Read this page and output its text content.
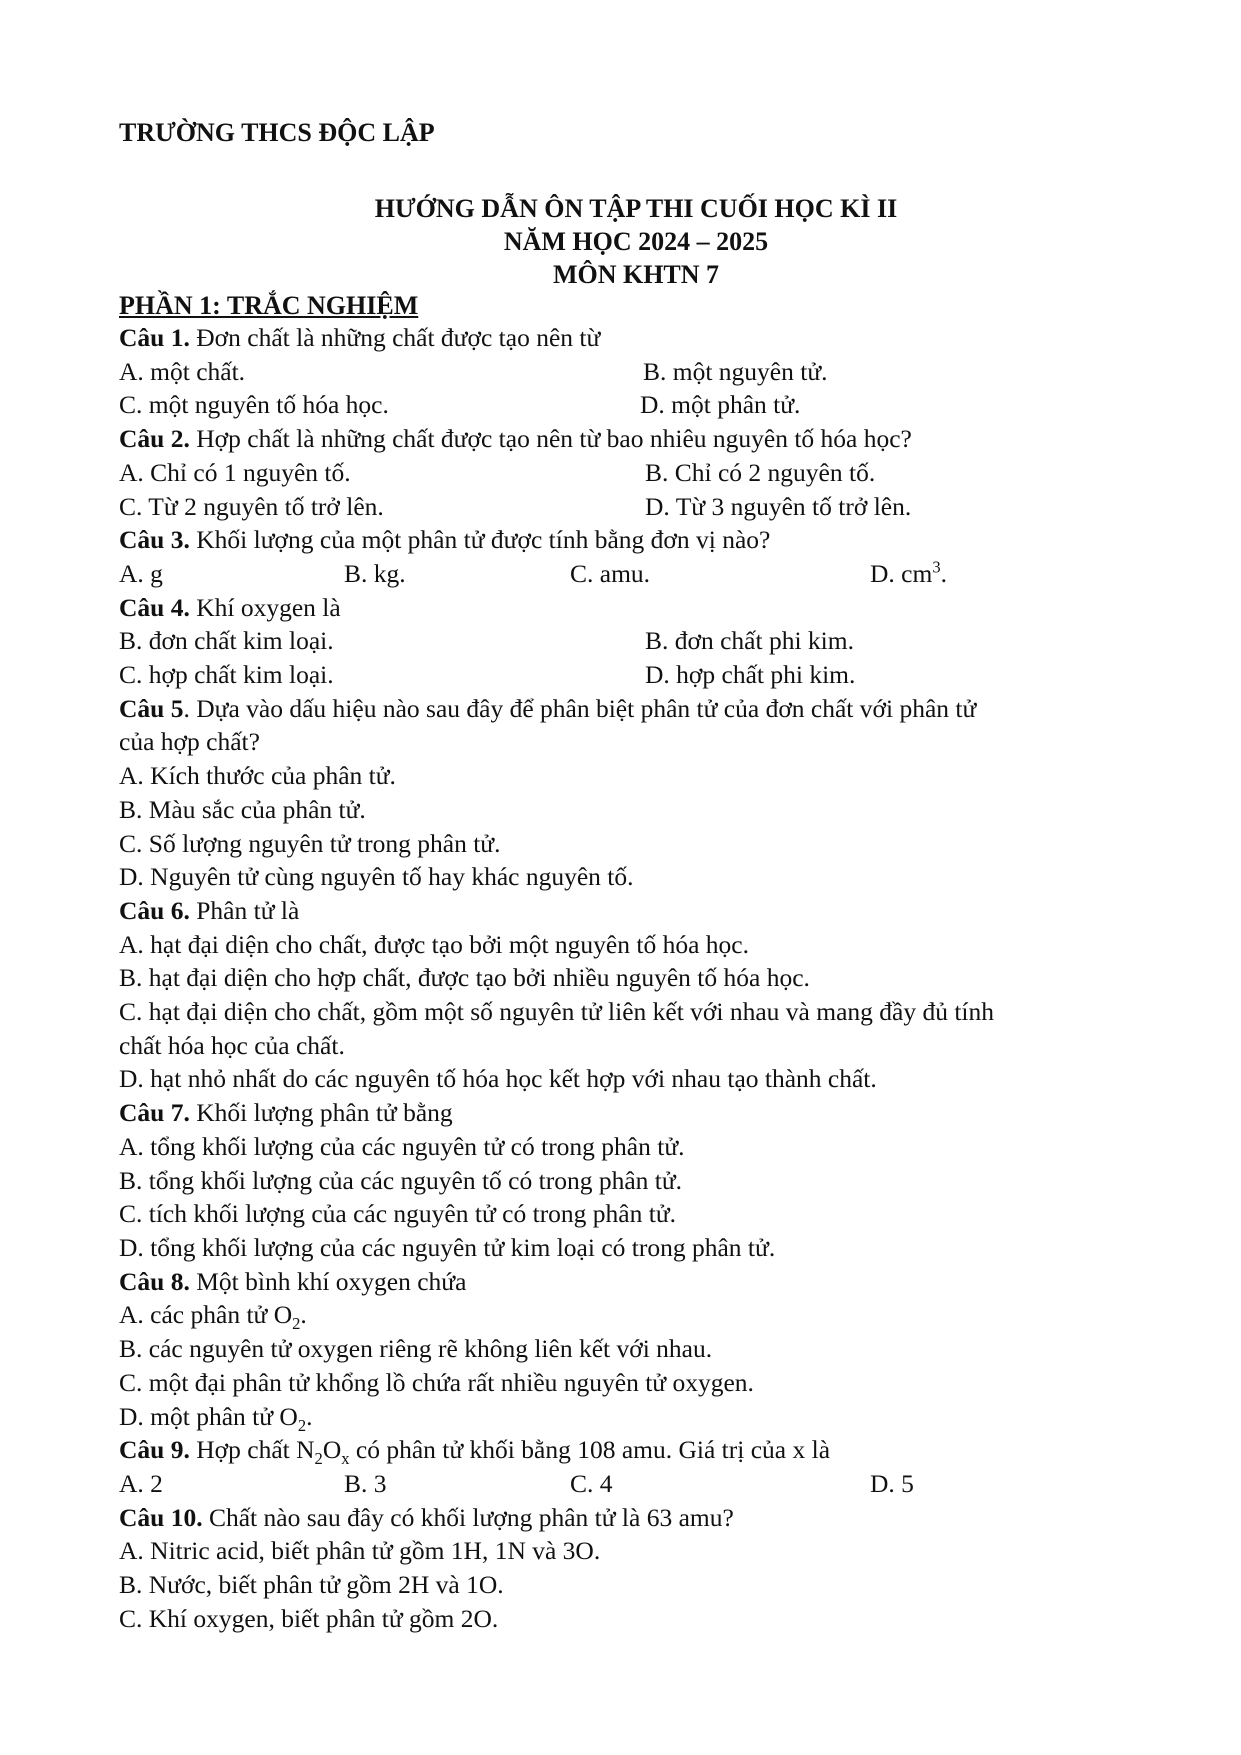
TRƯỜNG THCS ĐỘC LẬP
HƯỚNG DẪN ÔN TẬP THI CUỐI HỌC KÌ II
NĂM HỌC 2024 – 2025
MÔN KHTN 7
PHẦN 1: TRẮC NGHIỆM
Câu 1. Đơn chất là những chất được tạo nên từ
A. một chất.	B. một nguyên tử.
C. một nguyên tố hóa học.	D. một phân tử.
Câu 2. Hợp chất là những chất được tạo nên từ bao nhiêu nguyên tố hóa học?
A. Chỉ có 1 nguyên tố.	B. Chỉ có 2 nguyên tố.
C. Từ 2 nguyên tố trở lên.	D. Từ 3 nguyên tố trở lên.
Câu 3. Khối lượng của một phân tử được tính bằng đơn vị nào?
A. g	B. kg.	C. amu.	D. $cm^3$.
Câu 4. Khí oxygen là
B. đơn chất kim loại.	B. đơn chất phi kim.
C. hợp chất kim loại.	D. hợp chất phi kim.
Câu 5. Dựa vào dấu hiệu nào sau đây để phân biệt phân tử của đơn chất với phân tử
của hợp chất?
A. Kích thước của phân tử.
B. Màu sắc của phân tử.
C. Số lượng nguyên tử trong phân tử.
D. Nguyên tử cùng nguyên tố hay khác nguyên tố.
Câu 6. Phân tử là
A. hạt đại diện cho chất, được tạo bởi một nguyên tố hóa học.
B. hạt đại diện cho hợp chất, được tạo bởi nhiều nguyên tố hóa học.
C. hạt đại diện cho chất, gồm một số nguyên tử liên kết với nhau và mang đầy đủ tính
chất hóa học của chất.
D. hạt nhỏ nhất do các nguyên tố hóa học kết hợp với nhau tạo thành chất.
Câu 7. Khối lượng phân tử bằng
A. tổng khối lượng của các nguyên tử có trong phân tử.
B. tổng khối lượng của các nguyên tố có trong phân tử.
C. tích khối lượng của các nguyên tử có trong phân tử.
D. tổng khối lượng của các nguyên tử kim loại có trong phân tử.
Câu 8. Một bình khí oxygen chứa
A. các phân tử $O_2$.
B. các nguyên tử oxygen riêng rẽ không liên kết với nhau.
C. một đại phân tử khổng lồ chứa rất nhiều nguyên tử oxygen.
D. một phân tử $O_2$.
Câu 9. Hợp chất $N_2O_x$ có phân tử khối bằng 108 amu. Giá trị của x là
A. 2	B. 3	C. 4	D. 5
Câu 10. Chất nào sau đây có khối lượng phân tử là 63 amu?
A. Nitric acid, biết phân tử gồm 1H, 1N và 3O.
B. Nước, biết phân tử gồm 2H và 1O.
C. Khí oxygen, biết phân tử gồm 2O.
